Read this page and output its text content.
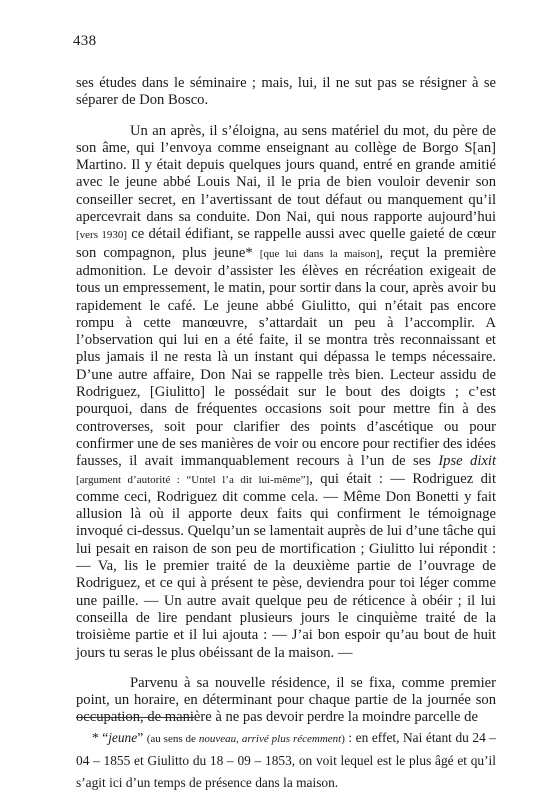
438

ses études dans le séminaire ; mais, lui, il ne sut pas se résigner à se séparer de Don Bosco.

Un an après, il s’éloigna, au sens matériel du mot, du père de son âme, qui l’envoya comme enseignant au collège de Borgo S[an] Martino. Il y était depuis quelques jours quand, entré en grande amitié avec le jeune abbé Louis Nai, il le pria de bien vouloir devenir son conseiller secret, en l’avertissant de tout défaut ou manquement qu’il apercevrait dans sa conduite. Don Nai, qui nous rapporte aujourd’hui [vers 1930] ce détail édifiant, se rappelle aussi avec quelle gaieté de cœur son compagnon, plus jeune* [que lui dans la maison], reçut la première admonition. Le devoir d’assister les élèves en récréation exigeait de tous un empressement, le matin, pour sortir dans la cour, après avoir bu rapidement le café. Le jeune abbé Giulitto, qui n’était pas encore rompu à cette manœuvre, s’attardait un peu à l’accomplir. A l’observation qui lui en a été faite, il se montra très reconnaissant et plus jamais il ne resta là un instant qui dépassa le temps nécessaire. D’une autre affaire, Don Nai se rappelle très bien. Lecteur assidu de Rodriguez, [Giulitto] le possédait sur le bout des doigts ; c’est pourquoi, dans de fréquentes occasions soit pour mettre fin à des controverses, soit pour clarifier des points d’ascétique ou pour confirmer une de ses manières de voir ou encore pour rectifier des idées fausses, il avait immanquablement recours à l’un de ses Ipse dixit [argument d’autorité : “Untel l’a dit lui-même”], qui était : — Rodriguez dit comme ceci, Rodriguez dit comme cela. — Même Don Bonetti y fait allusion là où il apporte deux faits qui confirment le témoignage invoqué ci-dessus. Quelqu’un se lamentait auprès de lui d’une tâche qui lui pesait en raison de son peu de mortification ; Giulitto lui répondit : — Va, lis le premier traité de la deuxième partie de l’ouvrage de Rodriguez, et ce qui à présent te pèse, deviendra pour toi léger comme une paille. — Un autre avait quelque peu de réticence à obéir ; il lui conseilla de lire pendant plusieurs jours le cinquième traité de la troisième partie et il lui ajouta : — J’ai bon espoir qu’au bout de huit jours tu seras le plus obéissant de la maison. —

Parvenu à sa nouvelle résidence, il se fixa, comme premier point, un horaire, en déterminant pour chaque partie de la journée son occupation, de manière à ne pas devoir perdre la moindre parcelle de

* “jeune” (au sens de nouveau, arrivé plus récemment) : en effet, Nai étant du 24 – 04 – 1855 et Giulitto du 18 – 09 – 1853, on voit lequel est le plus âgé et qu’il s’agit ici d’un temps de présence dans la maison.
